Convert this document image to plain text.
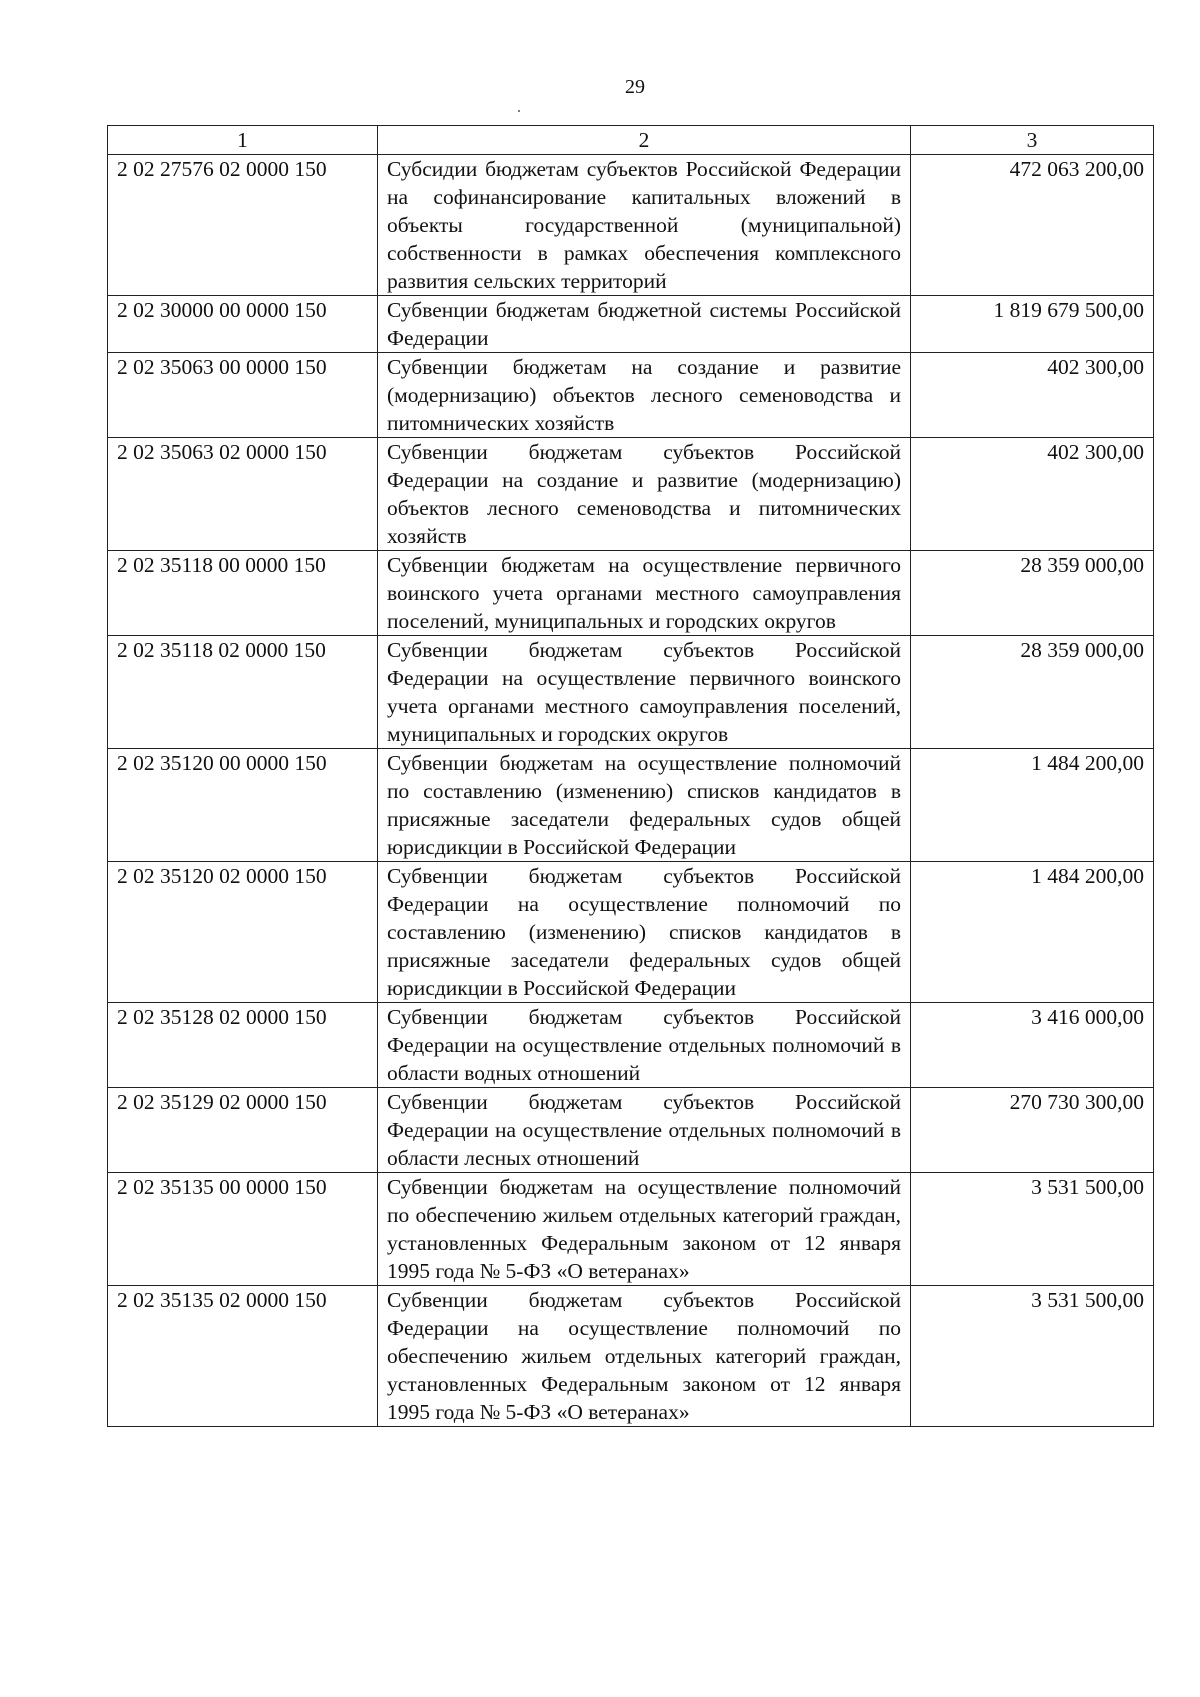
29
1	2	3
2 02 27576 02 0000 150	Субсидии бюджетам субъектов Российской Федерации на софинансирование капитальных вложений в объекты государственной (муниципальной) собственности в рамках обеспечения комплексного развития сельских территорий	472 063 200,00
2 02 30000 00 0000 150	Субвенции бюджетам бюджетной системы Российской Федерации	1 819 679 500,00
2 02 35063 00 0000 150	Субвенции бюджетам на создание и развитие (модернизацию) объектов лесного семеноводства и питомнических хозяйств	402 300,00
2 02 35063 02 0000 150	Субвенции бюджетам субъектов Российской Федерации на создание и развитие (модернизацию) объектов лесного семеноводства и питомнических хозяйств	402 300,00
2 02 35118 00 0000 150	Субвенции бюджетам на осуществление первичного воинского учета органами местного самоуправления поселений, муниципальных и городских округов	28 359 000,00
2 02 35118 02 0000 150	Субвенции бюджетам субъектов Российской Федерации на осуществление первичного воинского учета органами местного самоуправления поселений, муниципальных и городских округов	28 359 000,00
2 02 35120 00 0000 150	Субвенции бюджетам на осуществление полномочий по составлению (изменению) списков кандидатов в присяжные заседатели федеральных судов общей юрисдикции в Российской Федерации	1 484 200,00
2 02 35120 02 0000 150	Субвенции бюджетам субъектов Российской Федерации на осуществление полномочий по составлению (изменению) списков кандидатов в присяжные заседатели федеральных судов общей юрисдикции в Российской Федерации	1 484 200,00
2 02 35128 02 0000 150	Субвенции бюджетам субъектов Российской Федерации на осуществление отдельных полномочий в области водных отношений	3 416 000,00
2 02 35129 02 0000 150	Субвенции бюджетам субъектов Российской Федерации на осуществление отдельных полномочий в области лесных отношений	270 730 300,00
2 02 35135 00 0000 150	Субвенции бюджетам на осуществление полномочий по обеспечению жильем отдельных категорий граждан, установленных Федеральным законом от 12 января 1995 года № 5-ФЗ «О ветеранах»	3 531 500,00
2 02 35135 02 0000 150	Субвенции бюджетам субъектов Российской Федерации на осуществление полномочий по обеспечению жильем отдельных категорий граждан, установленных Федеральным законом от 12 января 1995 года № 5-ФЗ «О ветеранах»	3 531 500,00
